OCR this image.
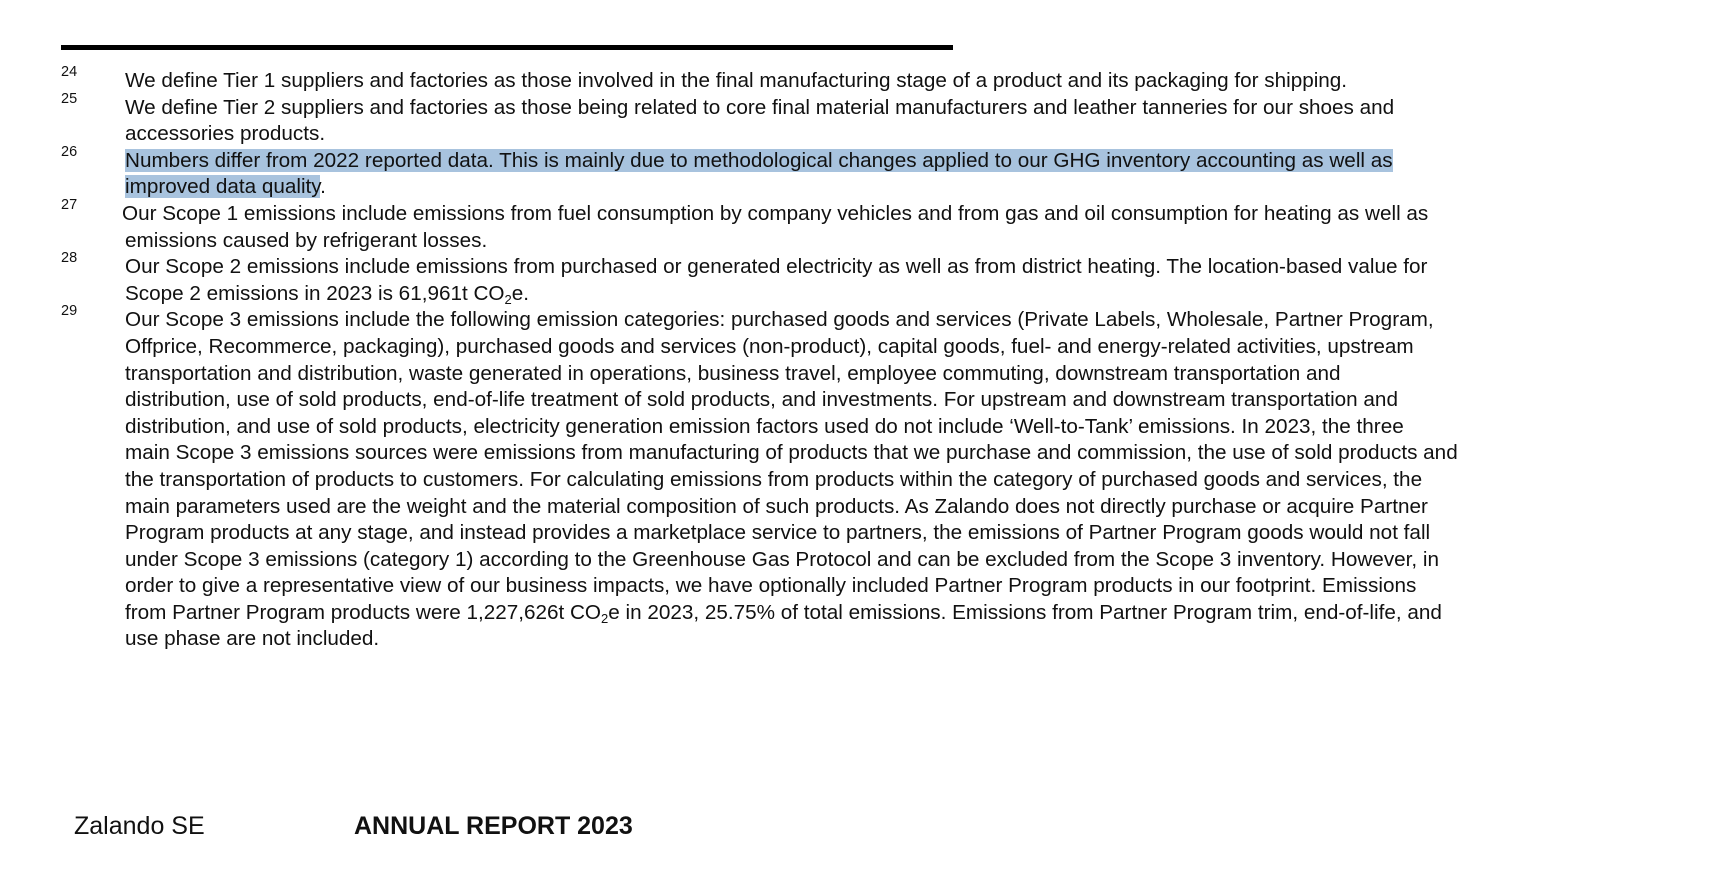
24 We define Tier 1 suppliers and factories as those involved in the final manufacturing stage of a product and its packaging for shipping.
25 We define Tier 2 suppliers and factories as those being related to core final material manufacturers and leather tanneries for our shoes and
accessories products.
26 Numbers differ from 2022 reported data. This is mainly due to methodological changes applied to our GHG inventory accounting as well as
improved data quality.
27 Our Scope 1 emissions include emissions from fuel consumption by company vehicles and from gas and oil consumption for heating as well as
emissions caused by refrigerant losses.
28 Our Scope 2 emissions include emissions from purchased or generated electricity as well as from district heating. The location-based value for
Scope 2 emissions in 2023 is 61,961t $CO_2e$.
29 Our Scope 3 emissions include the following emission categories: purchased goods and services (Private Labels, Wholesale, Partner Program,
Offprice, Recommerce, packaging), purchased goods and services (non-product), capital goods, fuel- and energy-related activities, upstream
transportation and distribution, waste generated in operations, business travel, employee commuting, downstream transportation and
distribution, use of sold products, end-of-life treatment of sold products, and investments. For upstream and downstream transportation and
distribution, and use of sold products, electricity generation emission factors used do not include ‘Well-to-Tank’ emissions. In 2023, the three
main Scope 3 emissions sources were emissions from manufacturing of products that we purchase and commission, the use of sold products and
the transportation of products to customers. For calculating emissions from products within the category of purchased goods and services, the
main parameters used are the weight and the material composition of such products. As Zalando does not directly purchase or acquire Partner
Program products at any stage, and instead provides a marketplace service to partners, the emissions of Partner Program goods would not fall
under Scope 3 emissions (category 1) according to the Greenhouse Gas Protocol and can be excluded from the Scope 3 inventory. However, in
order to give a representative view of our business impacts, we have optionally included Partner Program products in our footprint. Emissions
from Partner Program products were 1,227,626t $CO_2e$ in 2023, 25.75% of total emissions. Emissions from Partner Program trim, end-of-life, and
use phase are not included.
Zalando SE	ANNUAL REPORT 2023
